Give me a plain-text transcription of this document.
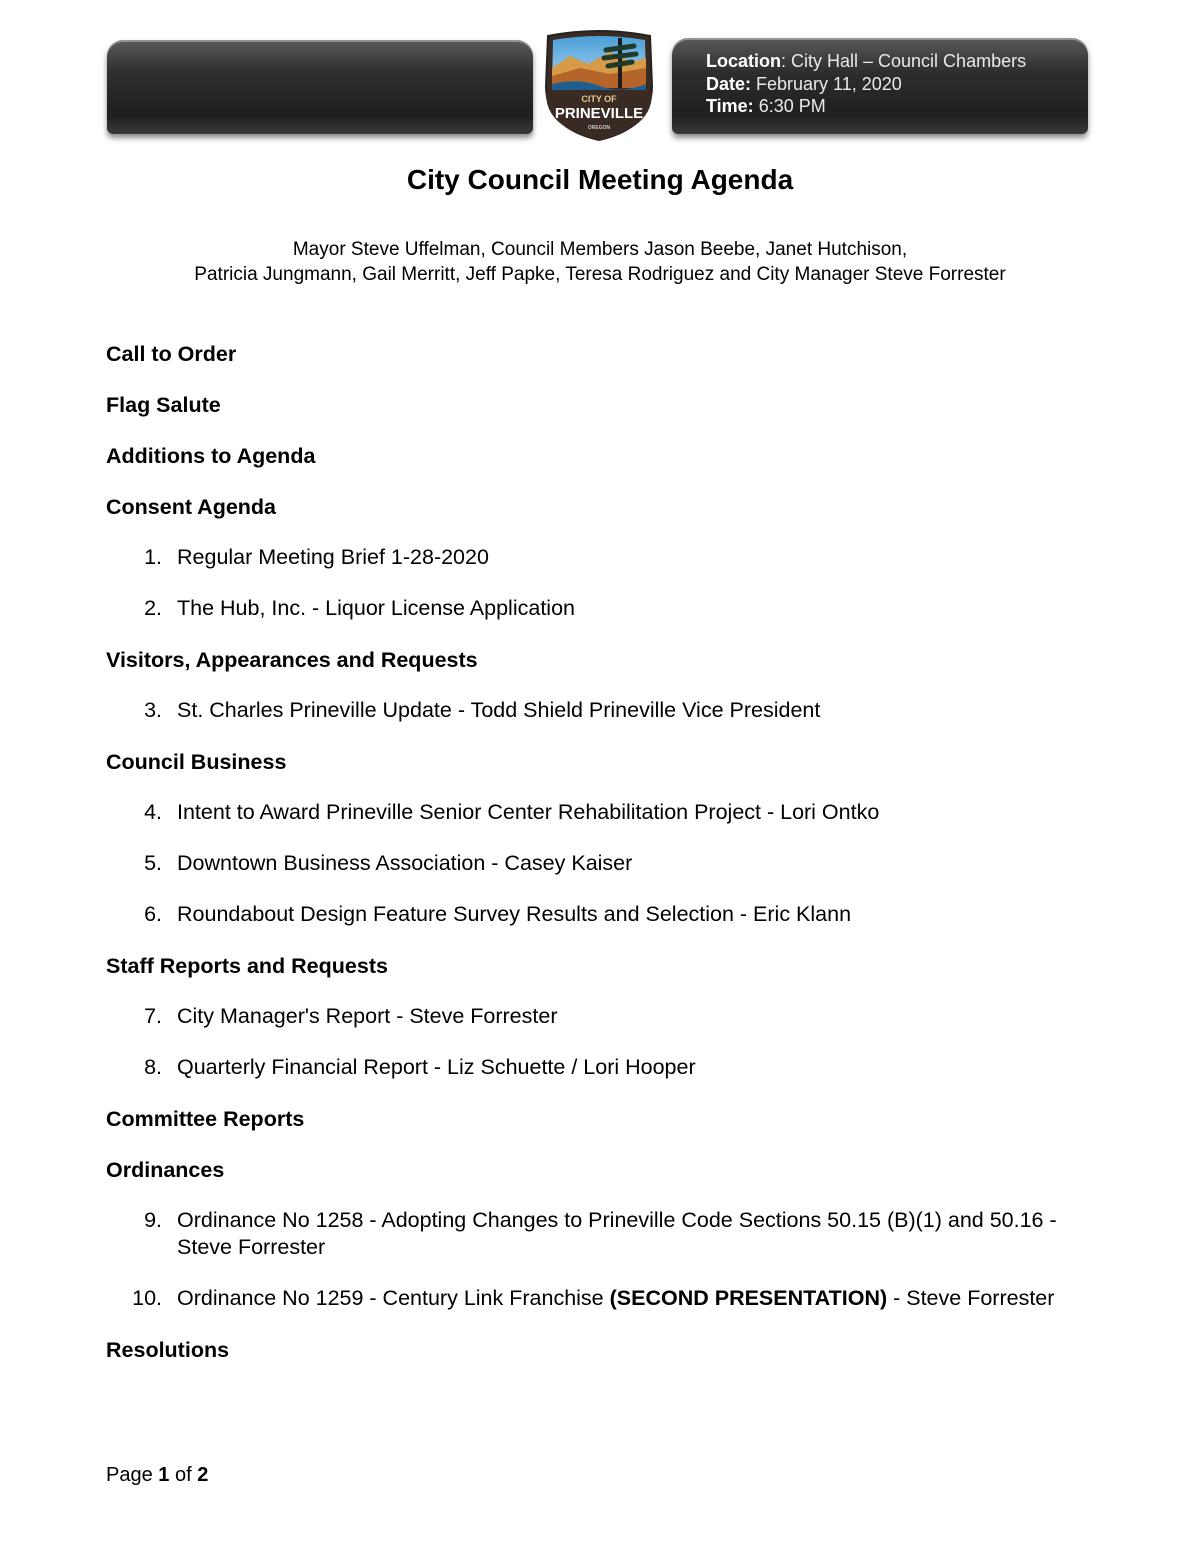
CITY OF
PRINEVILLE
OREGON
Location: City Hall – Council Chambers
Date: February 11, 2020
Time: 6:30 PM
City Council Meeting Agenda
Mayor Steve Uffelman, Council Members Jason Beebe, Janet Hutchison,
Patricia Jungmann, Gail Merritt, Jeff Papke, Teresa Rodriguez and City Manager Steve Forrester
Call to Order
Flag Salute
Additions to Agenda
Consent Agenda
1. Regular Meeting Brief 1-28-2020
2. The Hub, Inc. - Liquor License Application
Visitors, Appearances and Requests
3. St. Charles Prineville Update - Todd Shield Prineville Vice President
Council Business
4. Intent to Award Prineville Senior Center Rehabilitation Project - Lori Ontko
5. Downtown Business Association - Casey Kaiser
6. Roundabout Design Feature Survey Results and Selection - Eric Klann
Staff Reports and Requests
7. City Manager's Report - Steve Forrester
8. Quarterly Financial Report - Liz Schuette / Lori Hooper
Committee Reports
Ordinances
9. Ordinance No 1258 - Adopting Changes to Prineville Code Sections 50.15 (B)(1) and 50.16 - Steve Forrester
10. Ordinance No 1259 - Century Link Franchise (SECOND PRESENTATION) - Steve Forrester
Resolutions
Page 1 of 2
